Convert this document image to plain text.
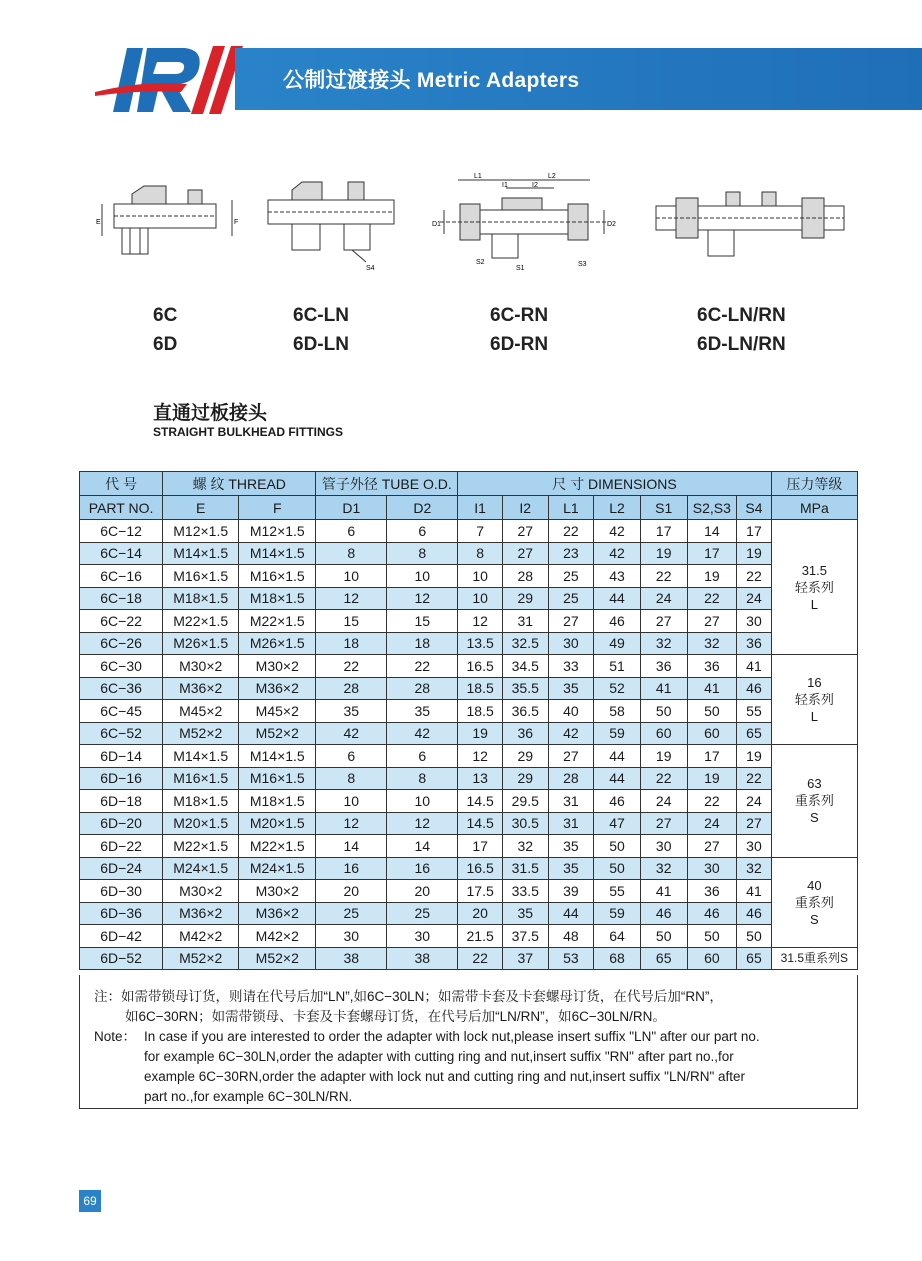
公制过渡接头 Metric Adapters
E	F
S4
L1	L2
I1	I2
D1	D2
S2
S1
S3
6C
6D
6C-LN
6D-LN
6C-RN
6D-RN
6C-LN/RN
6D-LN/RN
直通过板接头
STRAIGHT BULKHEAD FITTINGS
代 号	螺 纹 THREAD		管子外径 TUBE O.D.		尺 寸 DIMENSIONS							压力等级
PART NO.	E	F	D1	D2	I1	I2	L1	L2	S1	S2,S3	S4	MPa
6C−12	M12×1.5	M12×1.5	6	6	7	27	22	42	17	14	17	31.5
轻系列
L

6C−14	M14×1.5	M14×1.5	8	8	8	27	23	42	19	17	19	
6C−16	M16×1.5	M16×1.5	10	10	10	28	25	43	22	19	22	
6C−18	M18×1.5	M18×1.5	12	12	10	29	25	44	24	22	24	
6C−22	M22×1.5	M22×1.5	15	15	12	31	27	46	27	27	30	
6C−26	M26×1.5	M26×1.5	18	18	13.5	32.5	30	49	32	32	36	
6C−30	M30×2	M30×2	22	22	16.5	34.5	33	51	36	36	41	16
轻系列
L

6C−36	M36×2	M36×2	28	28	18.5	35.5	35	52	41	41	46	
6C−45	M45×2	M45×2	35	35	18.5	36.5	40	58	50	50	55	
6C−52	M52×2	M52×2	42	42	19	36	42	59	60	60	65	
6D−14	M14×1.5	M14×1.5	6	6	12	29	27	44	19	17	19	63
重系列
S

6D−16	M16×1.5	M16×1.5	8	8	13	29	28	44	22	19	22	
6D−18	M18×1.5	M18×1.5	10	10	14.5	29.5	31	46	24	22	24	
6D−20	M20×1.5	M20×1.5	12	12	14.5	30.5	31	47	27	24	27	
6D−22	M22×1.5	M22×1.5	14	14	17	32	35	50	30	27	30	
6D−24	M24×1.5	M24×1.5	16	16	16.5	31.5	35	50	32	30	32	40
重系列
S

6D−30	M30×2	M30×2	20	20	17.5	33.5	39	55	41	36	41	
6D−36	M36×2	M36×2	25	25	20	35	44	59	46	46	46	
6D−42	M42×2	M42×2	30	30	21.5	37.5	48	64	50	50	50	
6D−52	M52×2	M52×2	38	38	22	37	53	68	65	60	65	31.5重系列S
注：如需带锁母订货，则请在代号后加“LN”,如6C−30LN；如需带卡套及卡套螺母订货，在代号后加“RN”，
如6C−30RN；如需带锁母、卡套及卡套螺母订货，在代号后加“LN/RN”，如6C−30LN/RN。
Note： In case if you are interested to order the adapter with lock nut,please insert suffix "LN" after our part no.
for example 6C−30LN,order the adapter with cutting ring and nut,insert suffix "RN" after part no.,for
example 6C−30RN,order the adapter with lock nut and cutting ring and nut,insert suffix "LN/RN" after
part no.,for example 6C−30LN/RN.
69
